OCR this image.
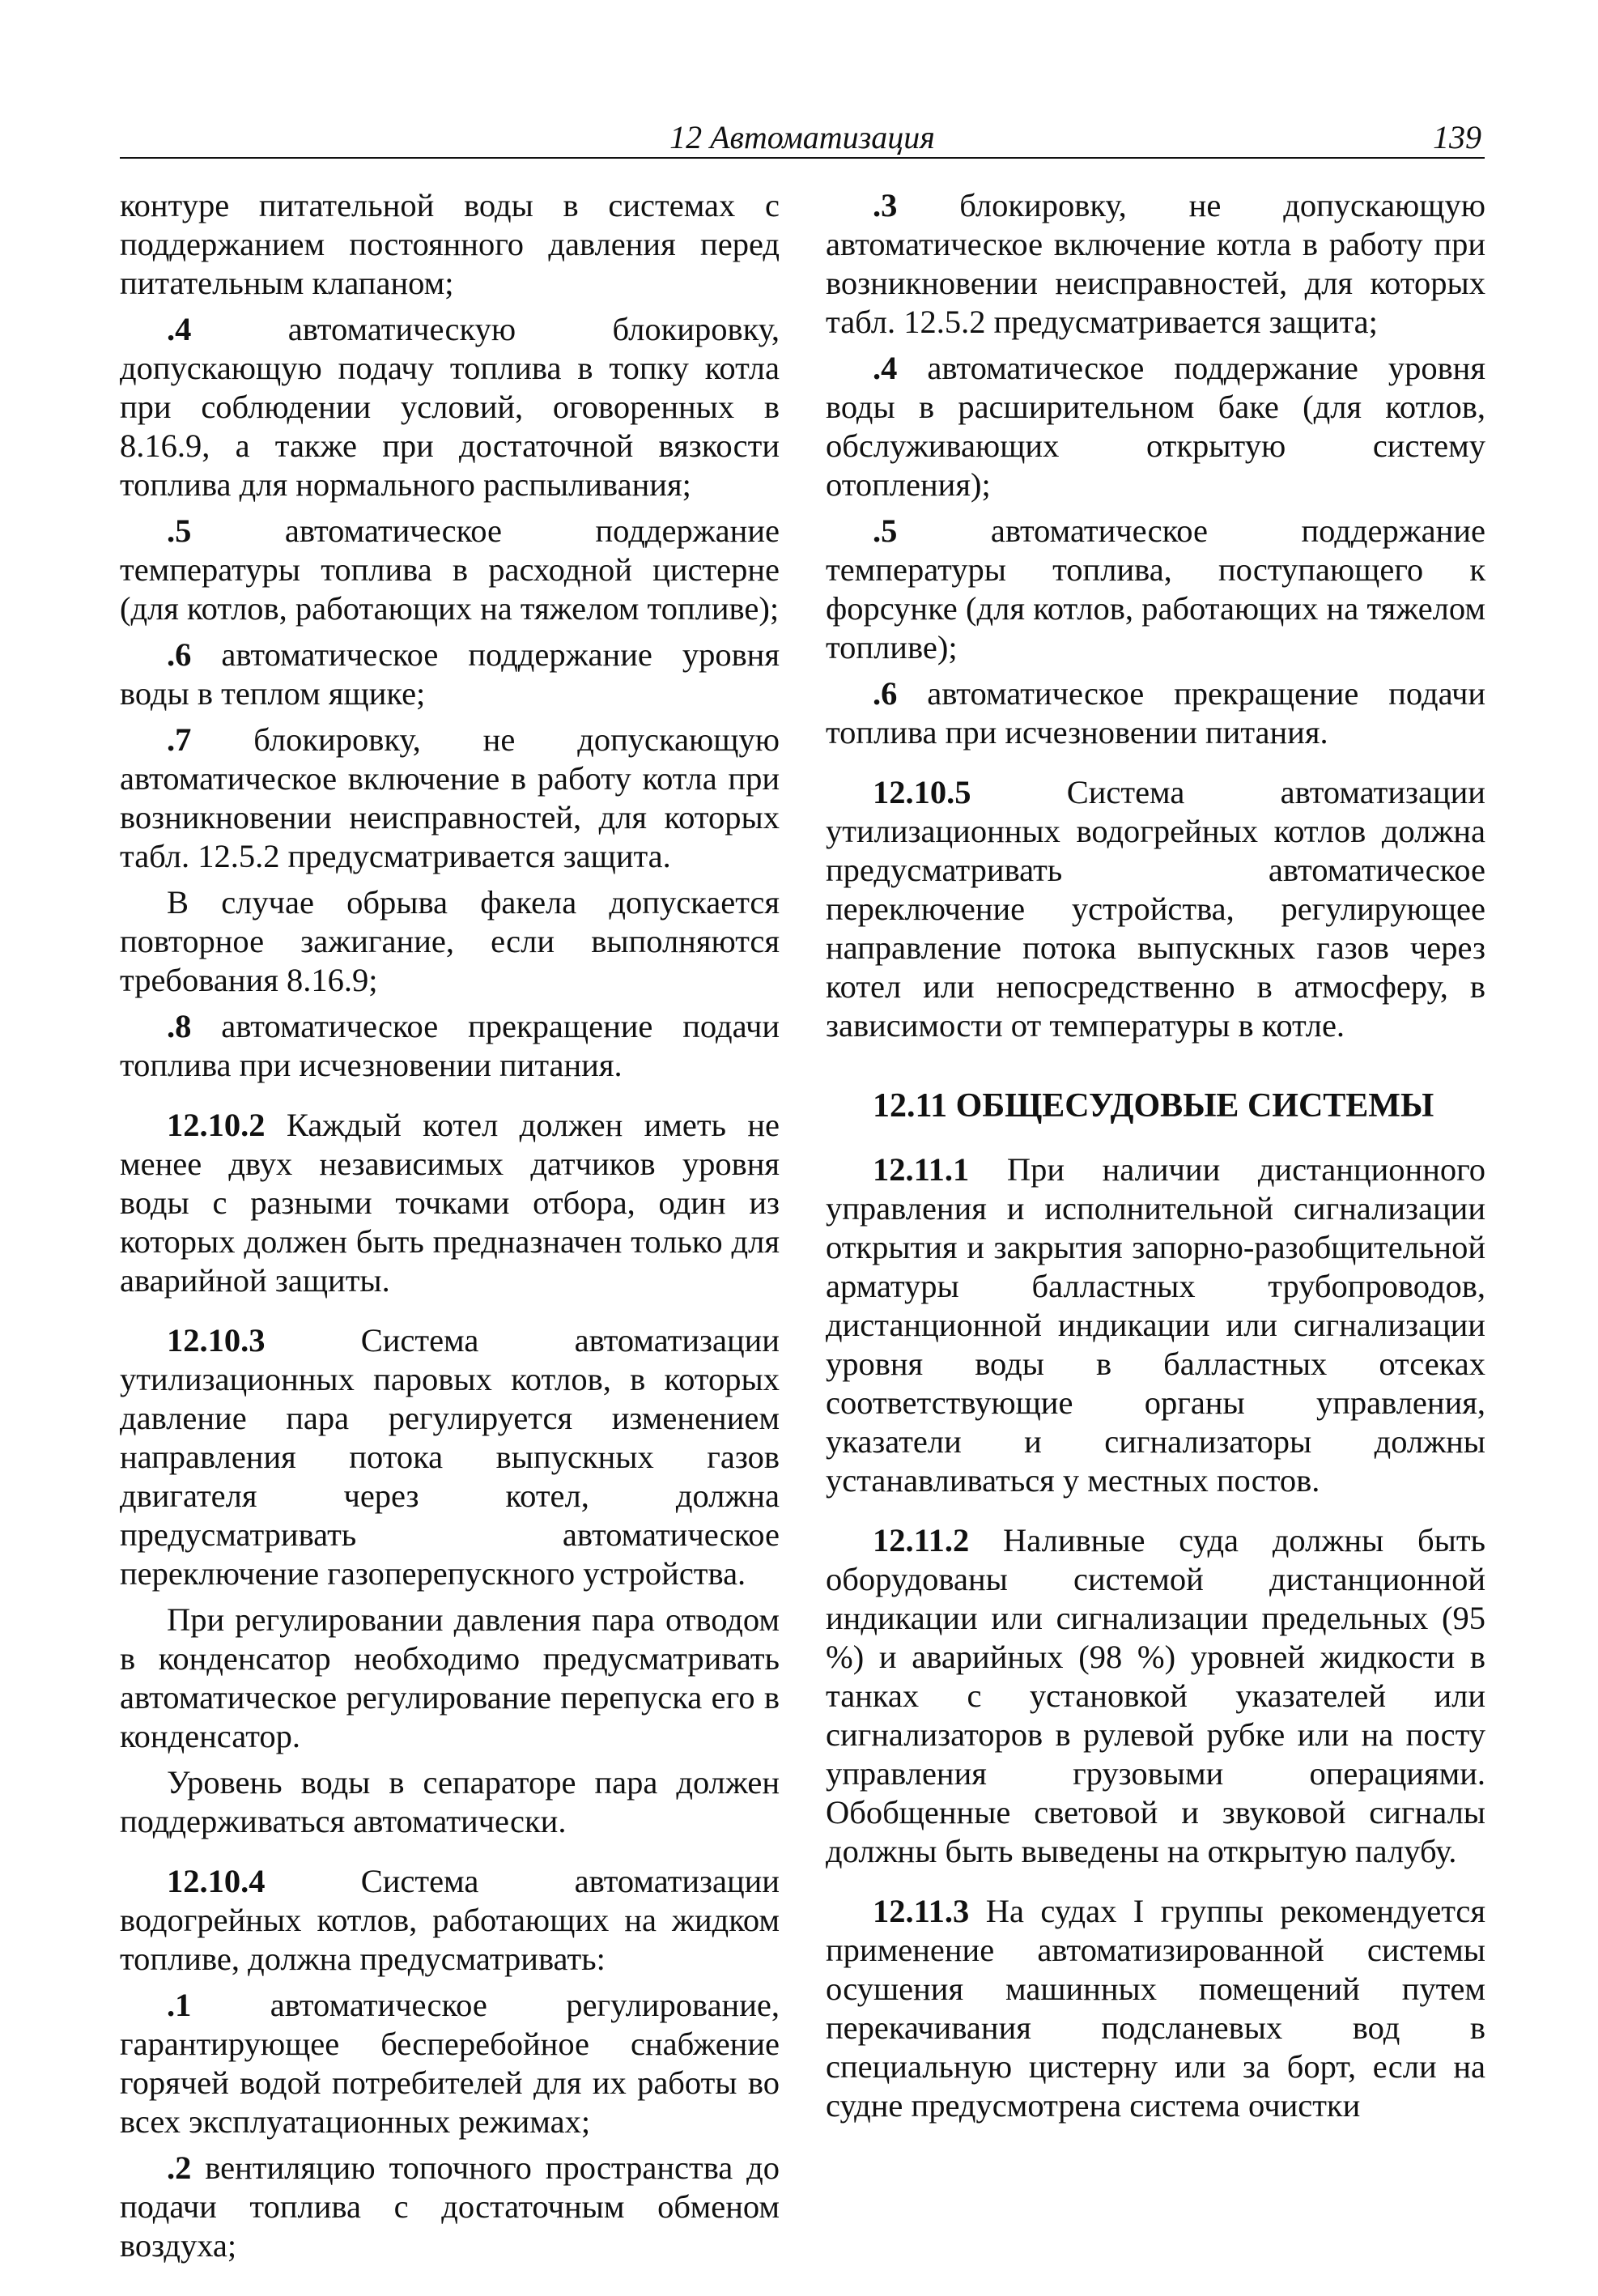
12 Автоматизация	139

контуре питательной воды в системах с поддержанием постоянного давления перед питательным клапаном;

.4 автоматическую блокировку, допускающую подачу топлива в топку котла при соблюдении условий, оговоренных в 8.16.9, а также при достаточной вязкости топлива для нормального распыливания;

.5 автоматическое поддержание температуры топлива в расходной цистерне (для котлов, работающих на тяжелом топливе);

.6 автоматическое поддержание уровня воды в теплом ящике;

.7 блокировку, не допускающую автоматическое включение в работу котла при возникновении неисправностей, для которых табл. 12.5.2 предусматривается защита.

В случае обрыва факела допускается повторное зажигание, если выполняются требования 8.16.9;

.8 автоматическое прекращение подачи топлива при исчезновении питания.

12.10.2 Каждый котел должен иметь не менее двух независимых датчиков уровня воды с разными точками отбора, один из которых должен быть предназначен только для аварийной защиты.

12.10.3 Система автоматизации утилизационных паровых котлов, в которых давление пара регулируется изменением направления потока выпускных газов двигателя через котел, должна предусматривать автоматическое переключение газоперепускного устройства.

При регулировании давления пара отводом в конденсатор необходимо предусматривать автоматическое регулирование перепуска его в конденсатор.

Уровень воды в сепараторе пара должен поддерживаться автоматически.

12.10.4 Система автоматизации водогрейных котлов, работающих на жидком топливе, должна предусматривать:

.1 автоматическое регулирование, гарантирующее бесперебойное снабжение горячей водой потребителей для их работы во всех эксплуатационных режимах;

.2 вентиляцию топочного пространства до подачи топлива с достаточным обменом воздуха;

.3 блокировку, не допускающую автоматическое включение котла в работу при возникновении неисправностей, для которых табл. 12.5.2 предусматривается защита;

.4 автоматическое поддержание уровня воды в расширительном баке (для котлов, обслуживающих открытую систему отопления);

.5 автоматическое поддержание температуры топлива, поступающего к форсунке (для котлов, работающих на тяжелом топливе);

.6 автоматическое прекращение подачи топлива при исчезновении питания.

12.10.5 Система автоматизации утилизационных водогрейных котлов должна предусматривать автоматическое переключение устройства, регулирующее направление потока выпускных газов через котел или непосредственно в атмосферу, в зависимости от температуры в котле.

12.11 ОБЩЕСУДОВЫЕ СИСТЕМЫ

12.11.1 При наличии дистанционного управления и исполнительной сигнализации открытия и закрытия запорно-разобщительной арматуры балластных трубопроводов, дистанционной индикации или сигнализации уровня воды в балластных отсеках соответствующие органы управления, указатели и сигнализаторы должны устанавливаться у местных постов.

12.11.2 Наливные суда должны быть оборудованы системой дистанционной индикации или сигнализации предельных (95 %) и аварийных (98 %) уровней жидкости в танках с установкой указателей или сигнализаторов в рулевой рубке или на посту управления грузовыми операциями. Обобщенные световой и звуковой сигналы должны быть выведены на открытую палубу.

12.11.3 На судах I группы рекомендуется применение автоматизированной системы осушения машинных помещений путем перекачивания подсланевых вод в специальную цистерну или за борт, если на судне предусмотрена система очистки
